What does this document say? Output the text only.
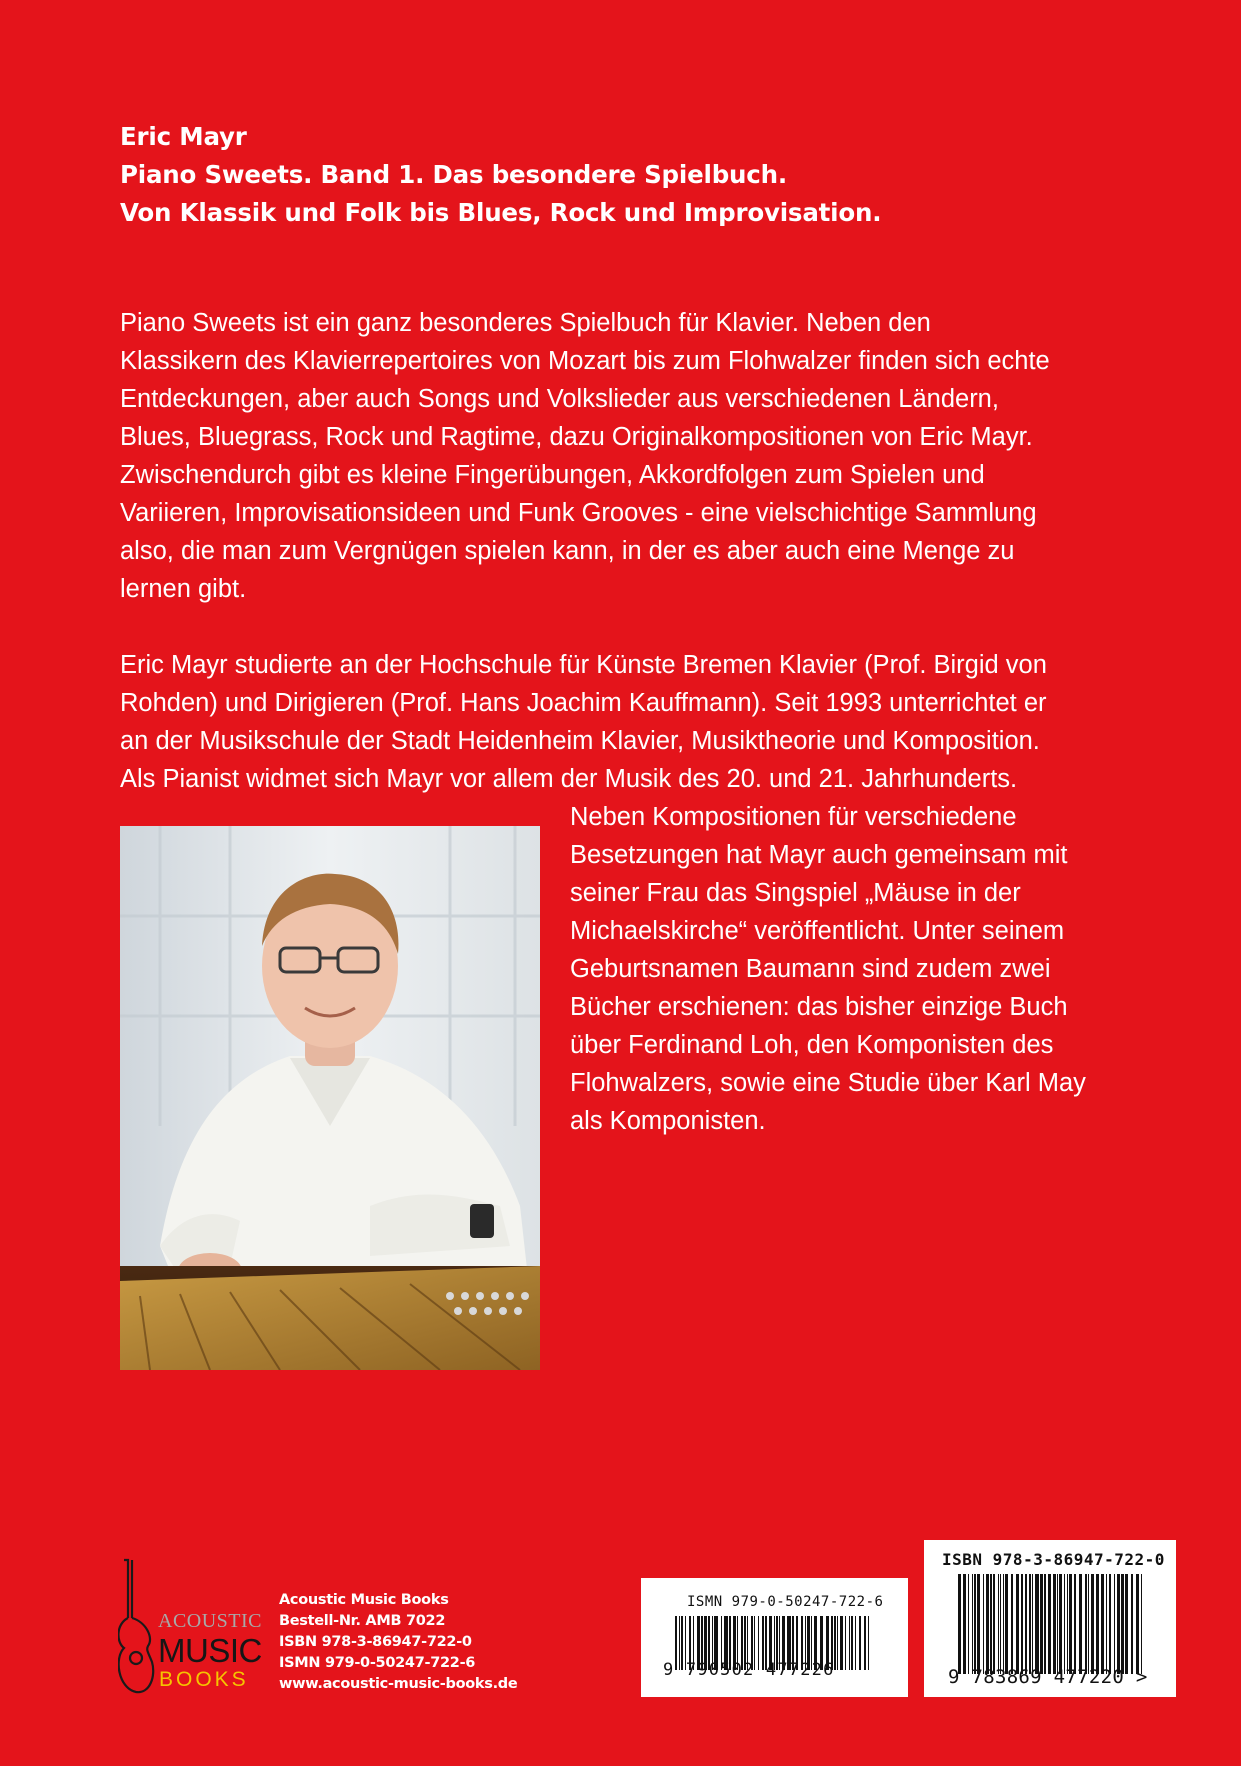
Eric Mayr
Piano Sweets. Band 1. Das besondere Spielbuch.
Von Klassik und Folk bis Blues, Rock und Improvisation.
Piano Sweets ist ein ganz besonderes Spielbuch für Klavier. Neben den
Klassikern des Klavierrepertoires von Mozart bis zum Flohwalzer finden sich echte
Entdeckungen, aber auch Songs und Volkslieder aus verschiedenen Ländern,
Blues, Bluegrass, Rock und Ragtime, dazu Originalkompositionen von Eric Mayr.
Zwischendurch gibt es kleine Fingerübungen, Akkordfolgen zum Spielen und
Variieren, Improvisationsideen und Funk Grooves - eine vielschichtige Sammlung
also, die man zum Vergnügen spielen kann, in der es aber auch eine Menge zu
lernen gibt.
Eric Mayr studierte an der Hochschule für Künste Bremen Klavier (Prof. Birgid von
Rohden) und Dirigieren (Prof. Hans Joachim Kauffmann). Seit 1993 unterrichtet er
an der Musikschule der Stadt Heidenheim Klavier, Musiktheorie und Komposition.
Als Pianist widmet sich Mayr vor allem der Musik des 20. und 21. Jahrhunderts.
Neben Kompositionen für verschiedene
Besetzungen hat Mayr auch gemeinsam mit
seiner Frau das Singspiel „Mäuse in der
Michaelskirche“ veröffentlicht. Unter seinem
Geburtsnamen Baumann sind zudem zwei
Bücher erschienen: das bisher einzige Buch
über Ferdinand Loh, den Komponisten des
Flohwalzers, sowie eine Studie über Karl May
als Komponisten.
ACOUSTIC
MUSIC
BOOKS
Acoustic Music Books
Bestell-Nr. AMB 7022
ISBN 978-3-86947-722-0
ISMN 979-0-50247-722-6
www.acoustic-music-books.de
ISMN 979-0-50247-722-6
9 790502 477226
ISBN 978-3-86947-722-0
9 783869 477220 >
